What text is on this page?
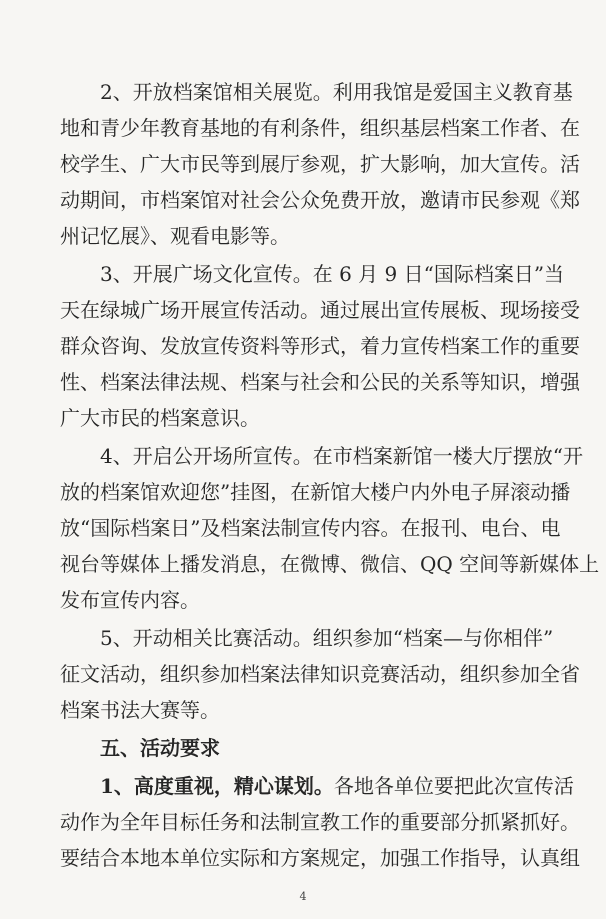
2、开放档案馆相关展览。利用我馆是爱国主义教育基
地和青少年教育基地的有利条件，组织基层档案工作者、在
校学生、广大市民等到展厅参观，扩大影响，加大宣传。活
动期间，市档案馆对社会公众免费开放，邀请市民参观《郑
州记忆展》、观看电影等。
3、开展广场文化宣传。在 6 月 9 日“国际档案日”当
天在绿城广场开展宣传活动。通过展出宣传展板、现场接受
群众咨询、发放宣传资料等形式，着力宣传档案工作的重要
性、档案法律法规、档案与社会和公民的关系等知识，增强
广大市民的档案意识。
4、开启公开场所宣传。在市档案新馆一楼大厅摆放“开
放的档案馆欢迎您”挂图，在新馆大楼户内外电子屏滚动播
放“国际档案日”及档案法制宣传内容。在报刊、电台、电
视台等媒体上播发消息，在微博、微信、QQ 空间等新媒体上
发布宣传内容。
5、开动相关比赛活动。组织参加“档案—与你相伴”
征文活动，组织参加档案法律知识竞赛活动，组织参加全省
档案书法大赛等。
五、活动要求
1、高度重视，精心谋划。各地各单位要把此次宣传活
动作为全年目标任务和法制宣教工作的重要部分抓紧抓好。
要结合本地本单位实际和方案规定，加强工作指导，认真组
4
